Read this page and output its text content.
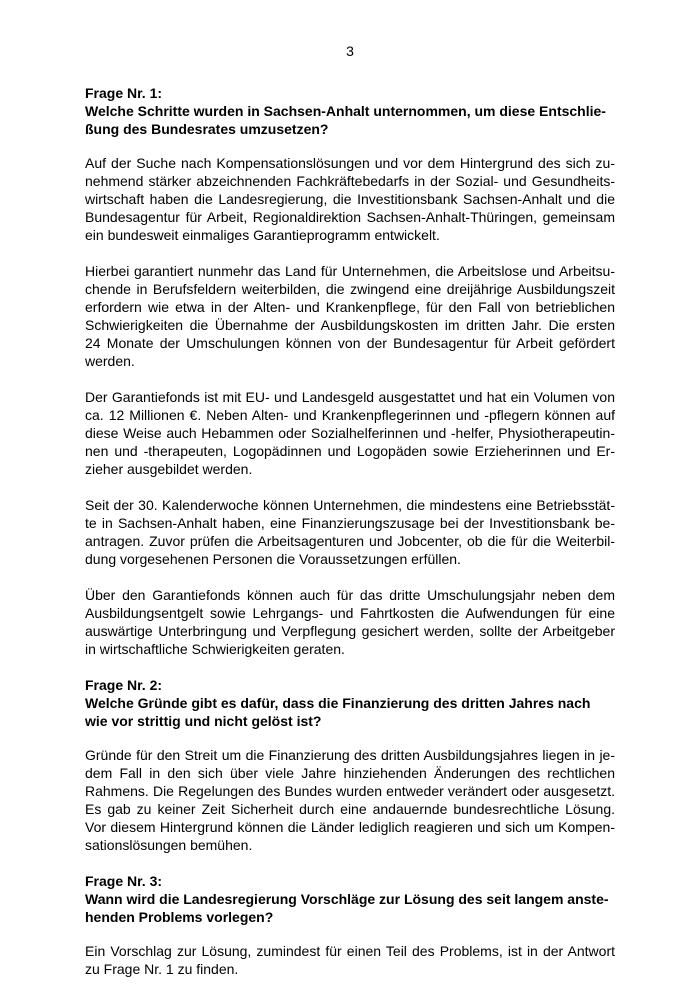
3
Frage Nr. 1:
Welche Schritte wurden in Sachsen-Anhalt unternommen, um diese Entschlie-
ßung des Bundesrates umzusetzen?
Auf der Suche nach Kompensationslösungen und vor dem Hintergrund des sich zu-
nehmend stärker abzeichnenden Fachkräftebedarfs in der Sozial- und Gesundheits-
wirtschaft haben die Landesregierung, die Investitionsbank Sachsen-Anhalt und die
Bundesagentur für Arbeit, Regionaldirektion Sachsen-Anhalt-Thüringen, gemeinsam
ein bundesweit einmaliges Garantieprogramm entwickelt.
Hierbei garantiert nunmehr das Land für Unternehmen, die Arbeitslose und Arbeitsu-
chende in Berufsfeldern weiterbilden, die zwingend eine dreijährige Ausbildungszeit
erfordern wie etwa in der Alten- und Krankenpflege, für den Fall von betrieblichen
Schwierigkeiten die Übernahme der Ausbildungskosten im dritten Jahr. Die ersten
24 Monate der Umschulungen können von der Bundesagentur für Arbeit gefördert
werden.
Der Garantiefonds ist mit EU- und Landesgeld ausgestattet und hat ein Volumen von
ca. 12 Millionen €. Neben Alten- und Krankenpflegerinnen und -pflegern können auf
diese Weise auch Hebammen oder Sozialhelferinnen und -helfer, Physiotherapeutin-
nen und -therapeuten, Logopädinnen und Logopäden sowie Erzieherinnen und Er-
zieher ausgebildet werden.
Seit der 30. Kalenderwoche können Unternehmen, die mindestens eine Betriebsstät-
te in Sachsen-Anhalt haben, eine Finanzierungszusage bei der Investitionsbank be-
antragen. Zuvor prüfen die Arbeitsagenturen und Jobcenter, ob die für die Weiterbil-
dung vorgesehenen Personen die Voraussetzungen erfüllen.
Über den Garantiefonds können auch für das dritte Umschulungsjahr neben dem
Ausbildungsentgelt sowie Lehrgangs- und Fahrtkosten die Aufwendungen für eine
auswärtige Unterbringung und Verpflegung gesichert werden, sollte der Arbeitgeber
in wirtschaftliche Schwierigkeiten geraten.
Frage Nr. 2:
Welche Gründe gibt es dafür, dass die Finanzierung des dritten Jahres nach
wie vor strittig und nicht gelöst ist?
Gründe für den Streit um die Finanzierung des dritten Ausbildungsjahres liegen in je-
dem Fall in den sich über viele Jahre hinziehenden Änderungen des rechtlichen
Rahmens. Die Regelungen des Bundes wurden entweder verändert oder ausgesetzt.
Es gab zu keiner Zeit Sicherheit durch eine andauernde bundesrechtliche Lösung.
Vor diesem Hintergrund können die Länder lediglich reagieren und sich um Kompen-
sationslösungen bemühen.
Frage Nr. 3:
Wann wird die Landesregierung Vorschläge zur Lösung des seit langem anste-
henden Problems vorlegen?
Ein Vorschlag zur Lösung, zumindest für einen Teil des Problems, ist in der Antwort
zu Frage Nr. 1 zu finden.
